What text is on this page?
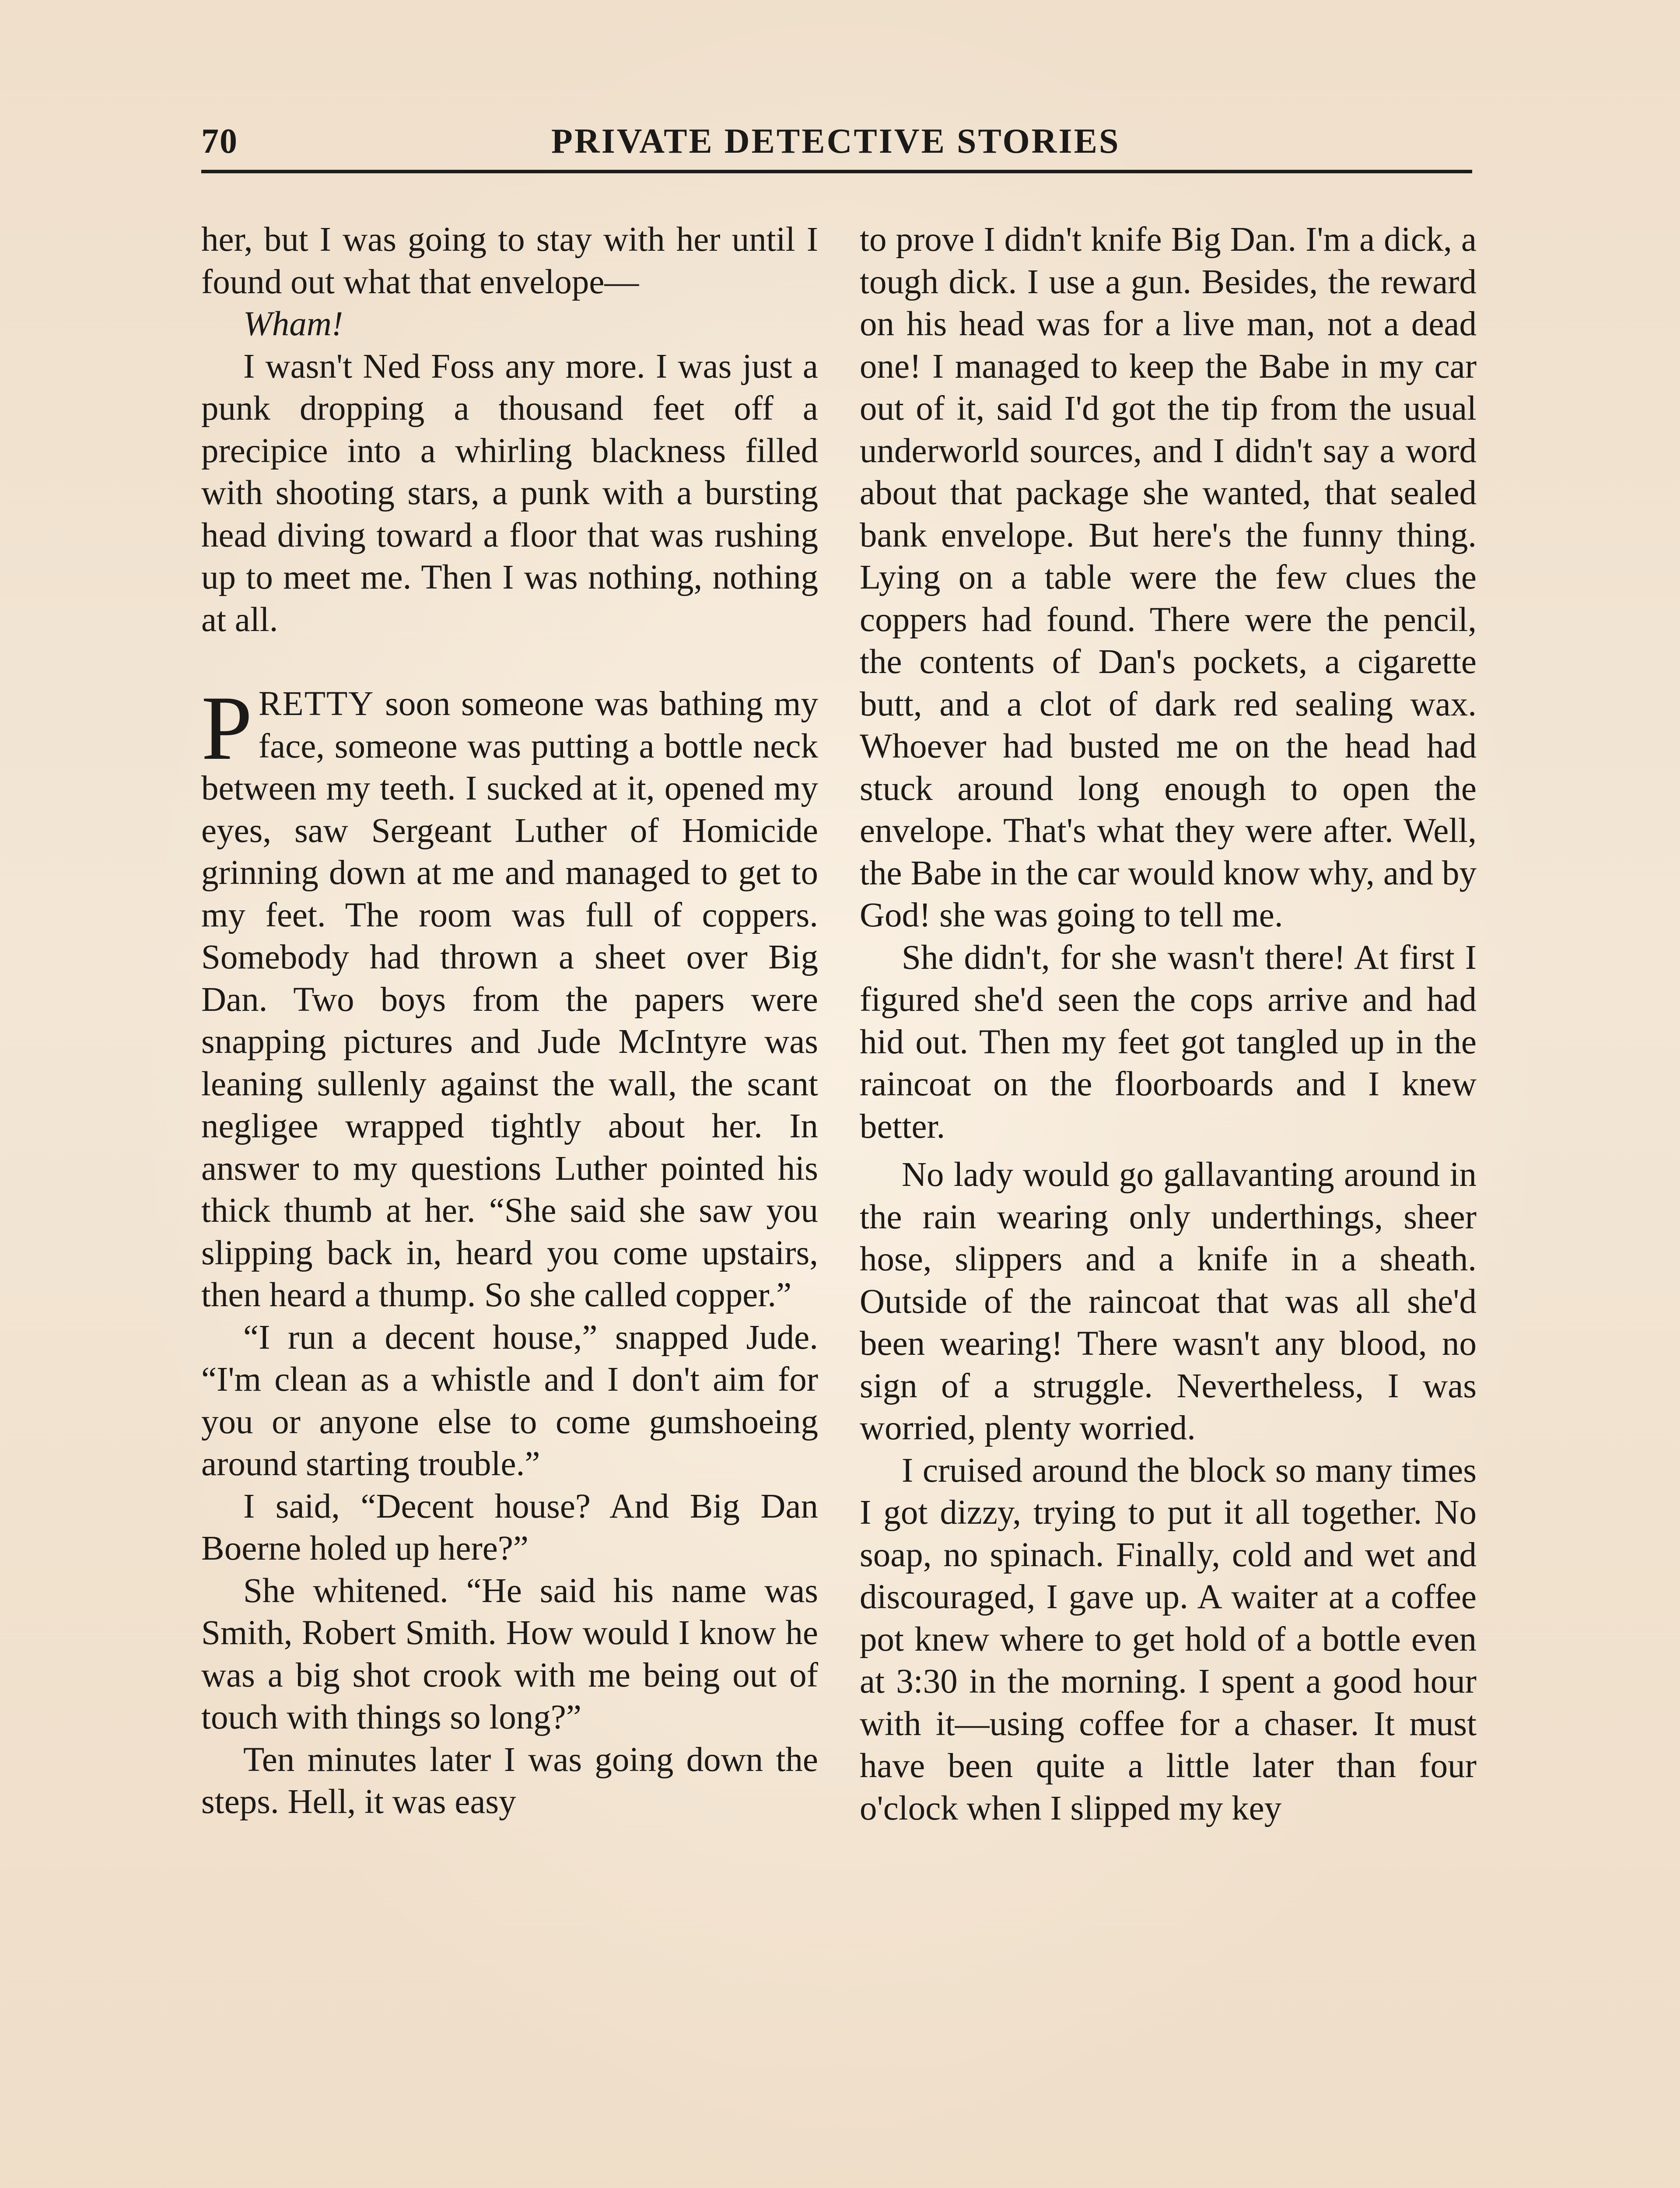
70	PRIVATE DETECTIVE STORIES

her, but I was going to stay with her until I found out what that envelope—

Wham!

I wasn't Ned Foss any more. I was just a punk dropping a thousand feet off a precipice into a whirling blackness filled with shooting stars, a punk with a bursting head diving toward a floor that was rushing up to meet me. Then I was nothing, nothing at all.

PRETTY soon someone was bathing my face, someone was putting a bottle neck between my teeth. I sucked at it, opened my eyes, saw Sergeant Luther of Homicide grinning down at me and managed to get to my feet. The room was full of coppers. Somebody had thrown a sheet over Big Dan. Two boys from the papers were snapping pictures and Jude McIntyre was leaning sullenly against the wall, the scant negligee wrapped tightly about her. In answer to my questions Luther pointed his thick thumb at her. “She said she saw you slipping back in, heard you come upstairs, then heard a thump. So she called copper.”

“I run a decent house,” snapped Jude. “I'm clean as a whistle and I don't aim for you or anyone else to come gumshoeing around starting trouble.”

I said, “Decent house? And Big Dan Boerne holed up here?”

She whitened. “He said his name was Smith, Robert Smith. How would I know he was a big shot crook with me being out of touch with things so long?”

Ten minutes later I was going down the steps. Hell, it was easy

to prove I didn't knife Big Dan. I'm a dick, a tough dick. I use a gun. Besides, the reward on his head was for a live man, not a dead one! I managed to keep the Babe in my car out of it, said I'd got the tip from the usual underworld sources, and I didn't say a word about that package she wanted, that sealed bank envelope. But here's the funny thing. Lying on a table were the few clues the coppers had found. There were the pencil, the contents of Dan's pockets, a cigarette butt, and a clot of dark red sealing wax. Whoever had busted me on the head had stuck around long enough to open the envelope. That's what they were after. Well, the Babe in the car would know why, and by God! she was going to tell me.

She didn't, for she wasn't there! At first I figured she'd seen the cops arrive and had hid out. Then my feet got tangled up in the raincoat on the floorboards and I knew better.

No lady would go gallavanting around in the rain wearing only underthings, sheer hose, slippers and a knife in a sheath. Outside of the raincoat that was all she'd been wearing! There wasn't any blood, no sign of a struggle. Nevertheless, I was worried, plenty worried.

I cruised around the block so many times I got dizzy, trying to put it all together. No soap, no spinach. Finally, cold and wet and discouraged, I gave up. A waiter at a coffee pot knew where to get hold of a bottle even at 3:30 in the morning. I spent a good hour with it—using coffee for a chaser. It must have been quite a little later than four o'clock when I slipped my key
